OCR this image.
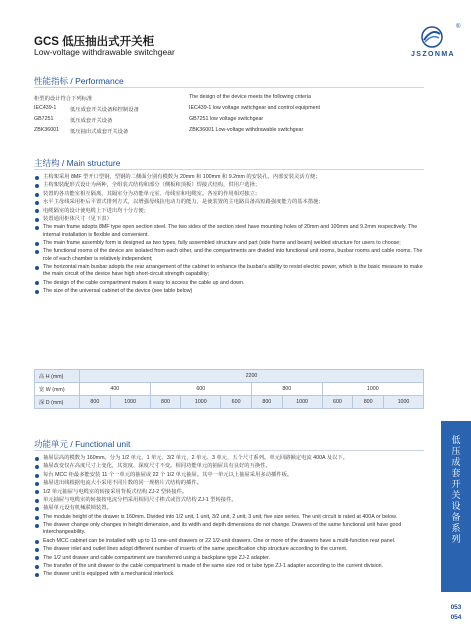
GCS 低压抽出式开关柜
Low-voltage withdrawable switchgear
®
JSZONMA
性能指标 / Performance
柜型的设计符合下列标准	The design of the device meets the following criteria
IEC439-1	低压成套开关设备和控制设备	IEC439-1 low voltage switchgear and control equipment
GB7251	低压成套开关设备	GB7251 low voltage switchgear
ZBK36001 低压抽出式成套开关设备	ZBK36001 Low-voltage withdrawable switchgear
主结构 / Main structure
主构架采用 8MF 型开口型钢，型钢的二侧面分别有模数为 20mm 和 100mm 和 9.2mm 的安装孔，内部安装灵活方便；
主构架装配形式设计为两种，全组装式结构和部分（侧板和顶板）焊接式结构，供用户选择；
装置的各功能室相互隔离，其隔室分为功能单元室、母线室和电缆室。各室的作用相对独立；
水平主母线采用柜后平置式排列方式，以增强母线抗电动力的能力，是使装置的主电路具备高短路强度能力的基本措施；
电缆隔室的设计使电缆上下进出均十分方便；
装置通用柜体尺寸（见下表）
The main frame adopts 8MF type open section steel. The two sides of the section steel have mounting holes of 20mm and 100mm and 9.2mm respectively. The internal installation is flexible and convenient.
The main frame assembly form is designed as two types, fully assembled structure and part (side frame and beam) welded structure for users to choose;
The functional rooms of the device are isolated from each other, and the compartments are divided into functional unit rooms, busbar rooms and cable rooms. The role of each chamber is relatively independent;
The horizontal main busbar adopts the rear arrangement of the cabinet to enhance the busbar's ability to resist electric power, which is the basic measure to make the main circuit of the device have high short-circuit strength capability;
The design of the cable compartment makes it easy to access the cable up and down.
The size of the universal cabinet of the device (see table below)
高 H (mm)	2200									
宽 W (mm)	400		600			800		1000		
深 D (mm)	800	1000	800	1000	600	800	1000	600	800	1000
功能单元 / Functional unit
抽屉层高的模数为 160mm。分为 1/2 单元、1 单元、3/2 单元、2 单元、3 单元、五个尺寸系列。单元回路额定电流 400A 及以下。
抽屉改变仅在高度尺寸上变化，其宽度、深度尺寸不变。相同功能单元的抽屉具有良好的互换性。
每台 MCC 柜最多能安装 11 个一单元的抽屉或 22 个 1/2 单元抽屉。其中一单元以上抽屉采用多动插件板。
抽屉进出线根据电流大小采用不同片数的同一规格片式结构的插件。
1/2 单元抽屉与电缆室的转接采用背板式结构 ZJ-2 型转接件。
单元抽屉与电缆室的转接按电流分档采用相同尺寸棒式或管式结构 ZJ-1 型转接件。
抽屉单元设有机械联锁装置。
The module height of the drawer is 160mm. Divided into 1/2 unit, 1 unit, 3/2 unit, 2 unit, 3 unit, five size series. The unit circuit is rated at 400A or below.
The drawer change only changes in height dimension, and its width and depth dimensions do not change. Drawers of the same functional unit have good interchangeability.
Each MCC cabinet can be installed with up to 11 one-unit drawers or 22 1/2-unit drawers. One or more of the drawers have a multi-function rear panel.
The drawer inlet and outlet lines adopt different number of inserts of the same specification chip structure according to the current.
The 1/2 unit drawer and cable compartment are transferred using a backplane type ZJ-2 adapter.
The transfer of the unit drawer to the cable compartment is made of the same size rod or tube type ZJ-1 adapter according to the current division.
The drawer unit is equipped with a mechanical interlock.
低
压
成
套
开
关
设
备
系
列
053
054
